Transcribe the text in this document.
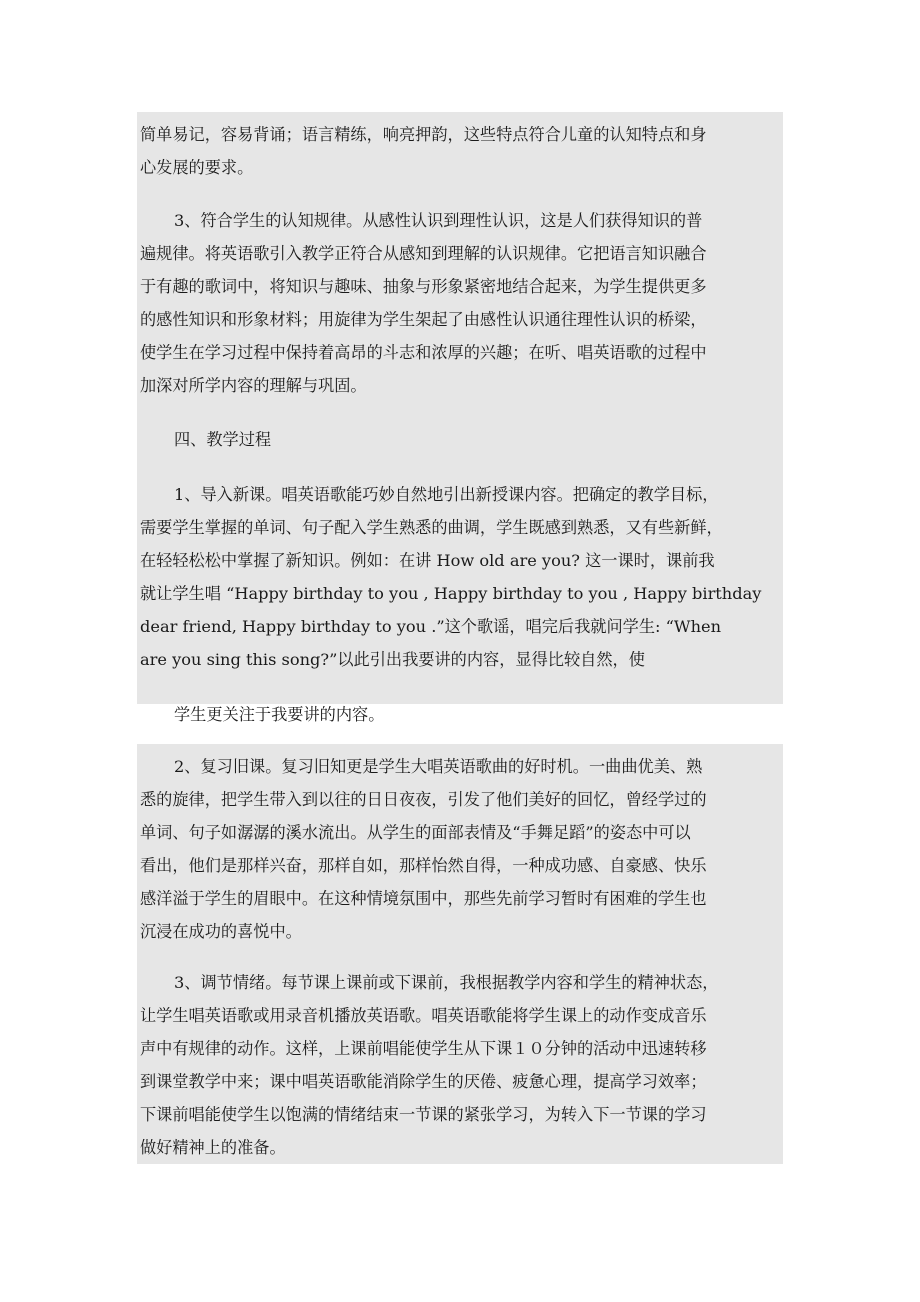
简单易记，容易背诵；语言精练，响亮押韵，这些特点符合儿童的认知特点和身
心发展的要求。
3、符合学生的认知规律。从感性认识到理性认识，这是人们获得知识的普
遍规律。将英语歌引入教学正符合从感知到理解的认识规律。它把语言知识融合
于有趣的歌词中，将知识与趣味、抽象与形象紧密地结合起来，为学生提供更多
的感性知识和形象材料；用旋律为学生架起了由感性认识通往理性认识的桥梁，
使学生在学习过程中保持着高昂的斗志和浓厚的兴趣；在听、唱英语歌的过程中
加深对所学内容的理解与巩固。
四、教学过程
1、导入新课。唱英语歌能巧妙自然地引出新授课内容。把确定的教学目标，
需要学生掌握的单词、句子配入学生熟悉的曲调，学生既感到熟悉，又有些新鲜，
在轻轻松松中掌握了新知识。例如：在讲 How old are you? 这一课时，课前我
就让学生唱 “Happy birthday to you , Happy birthday to you , Happy birthday
dear friend, Happy birthday to you .”这个歌谣，唱完后我就问学生: “When
are you sing this song?”以此引出我要讲的内容，显得比较自然，使
学生更关注于我要讲的内容。
2、复习旧课。复习旧知更是学生大唱英语歌曲的好时机。一曲曲优美、熟
悉的旋律，把学生带入到以往的日日夜夜，引发了他们美好的回忆，曾经学过的
单词、句子如潺潺的溪水流出。从学生的面部表情及“手舞足蹈”的姿态中可以
看出，他们是那样兴奋，那样自如，那样怡然自得，一种成功感、自豪感、快乐
感洋溢于学生的眉眼中。在这种情境氛围中，那些先前学习暂时有困难的学生也
沉浸在成功的喜悦中。
3、调节情绪。每节课上课前或下课前，我根据教学内容和学生的精神状态，
让学生唱英语歌或用录音机播放英语歌。唱英语歌能将学生课上的动作变成音乐
声中有规律的动作。这样，上课前唱能使学生从下课１０分钟的活动中迅速转移
到课堂教学中来；课中唱英语歌能消除学生的厌倦、疲惫心理，提高学习效率；
下课前唱能使学生以饱满的情绪结束一节课的紧张学习，为转入下一节课的学习
做好精神上的准备。
